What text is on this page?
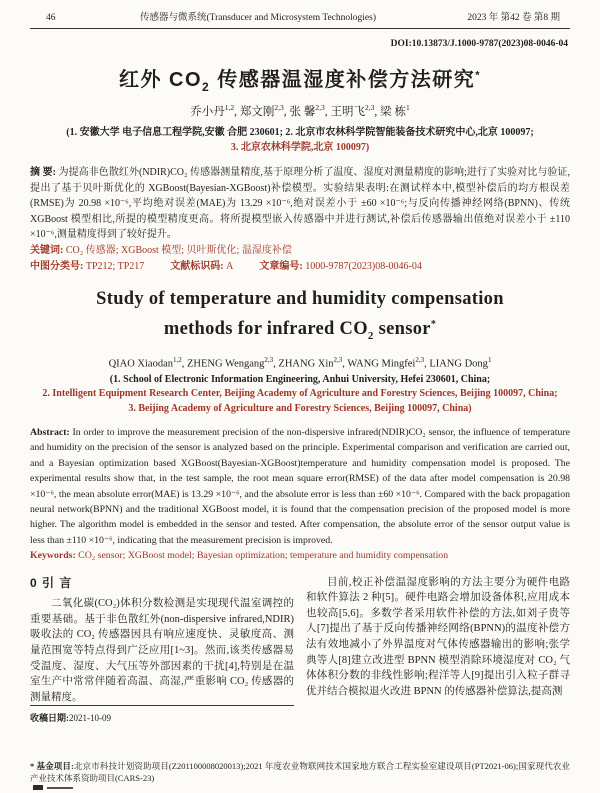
46	传感器与微系统(Transducer and Microsystem Technologies)	2023 年 第42 卷 第8 期
DOI:10.13873/J.1000-9787(2023)08-0046-04
红外 $CO_2$ 传感器温湿度补偿方法研究*
乔小丹$^{1,2}$, 郑文刚$^{2,3}$, 张 馨$^{2,3}$, 王明飞$^{2,3}$, 梁 栋$^1$
(1. 安徽大学 电子信息工程学院,安徽 合肥 230601; 2. 北京市农林科学院智能装备技术研究中心,北京 100097;
3. 北京农林科学院,北京 100097)
摘 要: 为提高非色散红外(NDIR)CO₂ 传感器测量精度,基于原理分析了温度、湿度对测量精度的影响;进行了实验对比与验证,提出了基于贝叶斯优化的 XGBoost(Bayesian-XGBoost)补偿模型。实验结果表明:在测试样本中,模型补偿后的均方根误差(RMSE)为 20.98 ×10⁻⁶,平均绝对误差(MAE)为 13.29 ×10⁻⁶,绝对误差小于 ±60 ×10⁻⁶;与反向传播神经网络(BPNN)、传统 XGBoost 模型相比,所提的模型精度更高。将所提模型嵌入传感器中并进行测试,补偿后传感器输出值绝对误差小于 ±110 ×10⁻⁶,测量精度得到了较好提升。
关键词: CO₂ 传感器; XGBoost 模型; 贝叶斯优化; 温湿度补偿
中图分类号: TP212; TP217	文献标识码: A	文章编号: 1000-9787(2023)08-0046-04
Study of temperature and humidity compensation
methods for infrared $CO_2$ sensor*
QIAO Xiaodan$^{1,2}$, ZHENG Wengang$^{2,3}$, ZHANG Xin$^{2,3}$, WANG Mingfei$^{2,3}$, LIANG Dong$^1$
(1. School of Electronic Information Engineering, Anhui University, Hefei 230601, China;
2. Intelligent Equipment Research Center, Beijing Academy of Agriculture and Forestry Sciences, Beijing 100097, China;
3. Beijing Academy of Agriculture and Forestry Sciences, Beijing 100097, China)
Abstract: In order to improve the measurement precision of the non-dispersive infrared(NDIR)CO₂ sensor, the influence of temperature and humidity on the precision of the sensor is analyzed based on the principle. Experimental comparison and verification are carried out, and a Bayesian optimization based XGBoost(Bayesian-XGBoost)temperature and humidity compensation model is proposed. The experimental results show that, in the test sample, the root mean square error(RMSE) of the data after model compensation is 20.98 ×10⁻⁶, the mean absolute error(MAE) is 13.29 ×10⁻⁶, and the absolute error is less than ±60 ×10⁻⁶. Compared with the back propagation neural network(BPNN) and the traditional XGBoost model, it is found that the compensation precision of the proposed model is more higher. The algorithm model is embedded in the sensor and tested. After compensation, the absolute error of the sensor output value is less than ±110 ×10⁻⁶, indicating that the measurement precision is improved.
Keywords: CO₂ sensor; XGBoost model; Bayesian optimization; temperature and humidity compensation
0 引 言

二氧化碳(CO₂)体积分数检测是实现现代温室调控的重要基础。基于非色散红外(non-dispersive infrared,NDIR)吸收法的 CO₂ 传感器因具有响应速度快、灵敏度高、测量范围宽等特点得到广泛应用[1~3]。然而,该类传感器易受温度、湿度、大气压等外部因素的干扰[4],特别是在温室生产中常常伴随着高温、高湿,严重影响 CO₂ 传感器的测量精度。

收稿日期:2021-10-09

目前,校正补偿温湿度影响的方法主要分为硬件电路和软件算法 2 种[5]。硬件电路会增加设备体积,应用成本也较高[5,6]。多数学者采用软件补偿的方法,如刘子贵等人[7]提出了基于反向传播神经网络(BPNN)的温度补偿方法有效地减小了外界温度对气体传感器输出的影响;张学典等人[8]建立改进型 BPNN 模型消除环境湿度对 CO₂ 气体体积分数的非线性影响;程洋等人[9]提出引入粒子群寻优并结合模拟退火改进 BPNN 的传感器补偿算法,提高测

* 基金项目:北京市科技计划资助项目(Z201100008020013);2021 年度农业物联网技术国家地方联合工程实验室建设项目(PT2021-06);国家现代农业产业技术体系资助项目(CARS-23)
